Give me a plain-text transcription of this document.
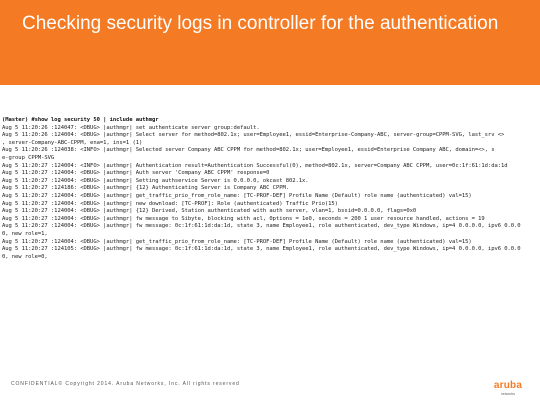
Checking security logs in controller for the authentication
(Master) #show log security 50 | include authmgr
Aug 5 11:20:26 :124047: <DBUG> |authmgr| set authenticate server group:default.
Aug 5 11:20:26 :124004: <DBUG> |authmgr| Select server for method=802.1x; user=Employee1, essid=Enterprise-Company-ABC, server-group=CPPM-SVG, last_srv <>
, server-Company-ABC-CPPM, ena=1, ins=1 (1)
Aug 5 11:20:26 :124038: <INFO> |authmgr| Selected server Company ABC CPPM for method=802.1x; user=Employee1, essid=Enterprise Company ABC, domain=<>, s
e-group CPPM-SVG
Aug 5 11:20:27 :124004: <INFO> |authmgr| Authentication result=Authentication Successful(0), method=802.1x, server=Company ABC CPPM, user=0c:1f:61:1d:da:1d
Aug 5 11:20:27 :124004: <DBUG> |authmgr| Auth server 'Company ABC CPPM' response=0
Aug 5 11:20:27 :124004: <DBUG> |authmgr| Setting authservice Server is 0.0.0.0, okcast 802.1x.
Aug 5 11:20:27 :124186: <DBUG> |authmgr| {12} Authenticating Server is Company ABC CPPM.
Aug 5 11:20:27 :124004: <DBUG> |authmgr| get_traffic_prio_from_role_name: [TC-PROF-DEF] Profile Name (Default) role name (authenticated) val=15)
Aug 5 11:20:27 :124004: <DBUG> |authmgr| new download: [TC-PROF]: Role (authenticated) Traffic Prio(15)
Aug 5 11:20:27 :124004: <DBUG> |authmgr| {12} Derived, Station authenticated with auth server, vlan=1, bssid=0.0.0.0, flags=0x0
Aug 5 11:20:27 :124004: <DBUG> |authmgr| fw message to Sibyte, blocking with acl, 0ptions = 1e0, seconds = 200 1 user resource handled, actions = 19
Aug 5 11:20:27 :124004: <DBUG> |authmgr| fw message: 0c:1f:61:1d:da:1d, state 3, name Employee1, role authenticated, dev_type Windows, ip=4 0.0.0.0, ipv6 0.0.0
0, new role=1,
Aug 5 11:20:27 :124004: <DBUG> |authmgr| get_traffic_prio_from_role_name: [TC-PROF-DEF] Profile Name (Default) role name (authenticated) val=15)
Aug 5 11:20:27 :124105: <DBUG> |authmgr| fw message: 0c:1f:61:1d:da:1d, state 3, name Employee1, role authenticated, dev_type Windows, ip=4 0.0.0.0, ipv6 0.0.0
0, new role=0,
CONFIDENTIAL© Copyright 2014. Aruba Networks, Inc. All rights reserved	aruba
networks
